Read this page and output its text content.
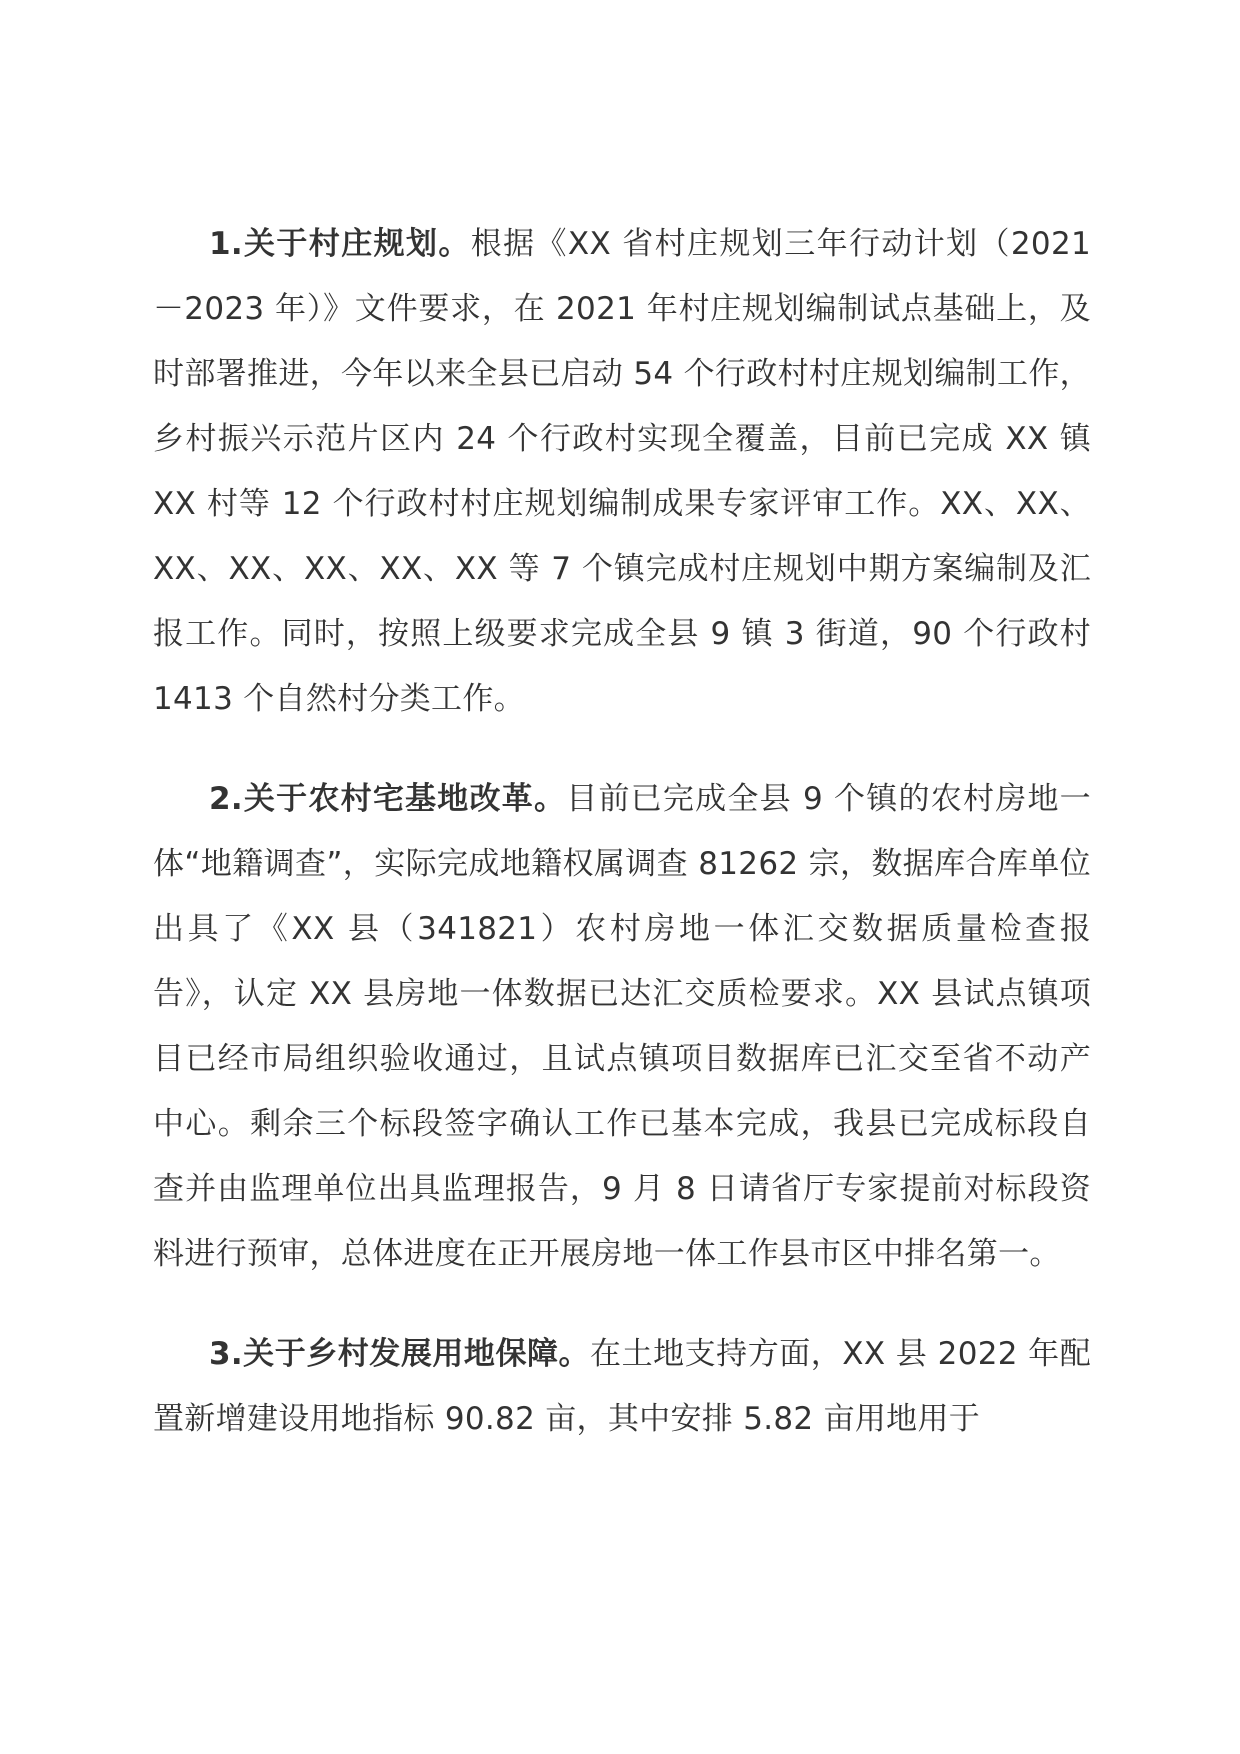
1.关于村庄规划。根据《XX 省村庄规划三年行动计划（2021－2023 年）》文件要求，在 2021 年村庄规划编制试点基础上，及时部署推进，今年以来全县已启动 54 个行政村村庄规划编制工作，乡村振兴示范片区内 24 个行政村实现全覆盖，目前已完成 XX 镇 XX 村等 12 个行政村村庄规划编制成果专家评审工作。XX、XX、XX、XX、XX、XX、XX 等 7 个镇完成村庄规划中期方案编制及汇报工作。同时，按照上级要求完成全县 9 镇 3 街道，90 个行政村 1413 个自然村分类工作。

2.关于农村宅基地改革。目前已完成全县 9 个镇的农村房地一体“地籍调查”，实际完成地籍权属调查 81262 宗，数据库合库单位出具了《XX 县（341821）农村房地一体汇交数据质量检查报告》，认定 XX 县房地一体数据已达汇交质检要求。XX 县试点镇项目已经市局组织验收通过，且试点镇项目数据库已汇交至省不动产中心。剩余三个标段签字确认工作已基本完成，我县已完成标段自查并由监理单位出具监理报告，9 月 8 日请省厅专家提前对标段资料进行预审，总体进度在正开展房地一体工作县市区中排名第一。

3.关于乡村发展用地保障。在土地支持方面，XX 县 2022 年配置新增建设用地指标 90.82 亩，其中安排 5.82 亩用地用于
